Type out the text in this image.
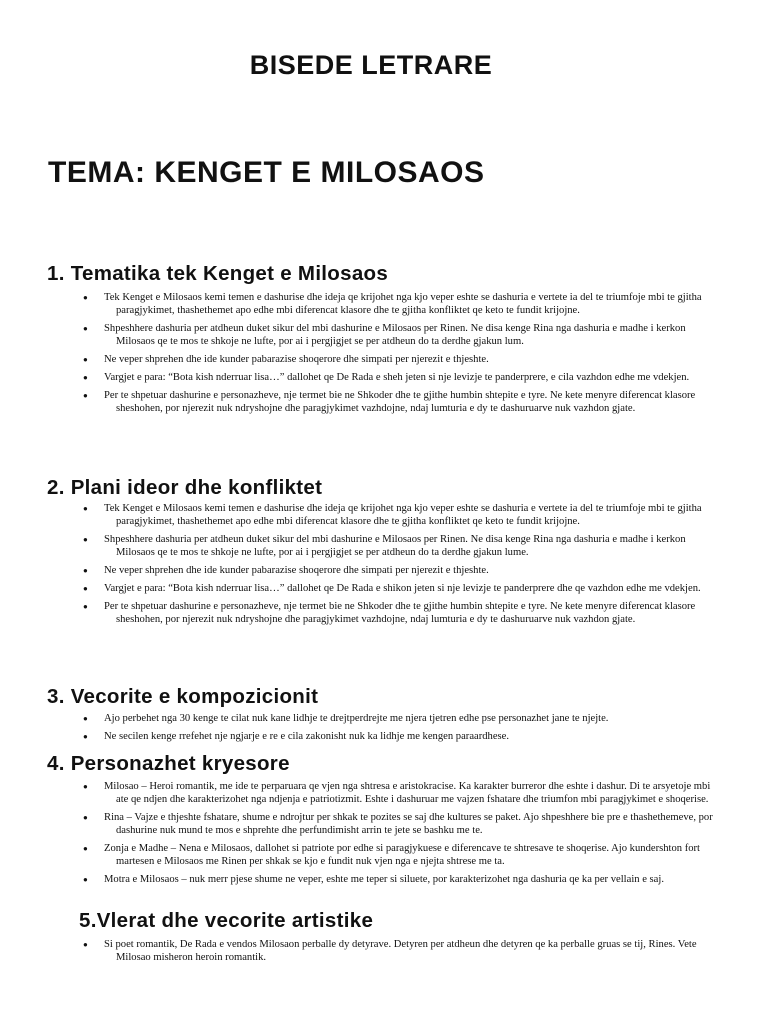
BISEDE LETRARE
TEMA: KENGET E MILOSAOS
1. Tematika tek Kenget e Milosaos
● Tek Kenget e Milosaos kemi temen e dashurise dhe ideja qe krijohet nga kjo veper eshte se dashuria e vertete ia del te triumfoje mbi te gjitha paragjykimet, thashethemet apo edhe mbi diferencat klasore dhe te gjitha konfliktet qe keto te fundit krijojne.
● Shpeshhere dashuria per atdheun duket sikur del mbi dashurine e Milosaos per Rinen. Ne disa kenge Rina nga dashuria e madhe i kerkon Milosaos qe te mos te shkoje ne lufte, por ai i pergjigjet se per atdheun do ta derdhe gjakun lum.
● Ne veper shprehen dhe ide kunder pabarazise shoqerore dhe simpati per njerezit e thjeshte.
● Vargjet e para: “Bota kish nderruar lisa…” dallohet qe De Rada e sheh jeten si nje levizje te panderprere, e cila vazhdon edhe me vdekjen.
● Per te shpetuar dashurine e personazheve, nje termet bie ne Shkoder dhe te gjithe humbin shtepite e tyre. Ne kete menyre diferencat klasore sheshohen, por njerezit nuk ndryshojne dhe paragjykimet vazhdojne, ndaj lumturia e dy te dashuruarve nuk vazhdon gjate.
2. Plani ideor dhe konfliktet
● Tek Kenget e Milosaos kemi temen e dashurise dhe ideja qe krijohet nga kjo veper eshte se dashuria e vertete ia del te triumfoje mbi te gjitha paragjykimet, thashethemet apo edhe mbi diferencat klasore dhe te gjitha konfliktet qe keto te fundit krijojne.
● Shpeshhere dashuria per atdheun duket sikur del mbi dashurine e Milosaos per Rinen. Ne disa kenge Rina nga dashuria e madhe i kerkon Milosaos qe te mos te shkoje ne lufte, por ai i pergjigjet se per atdheun do ta derdhe gjakun lume.
● Ne veper shprehen dhe ide kunder pabarazise shoqerore dhe simpati per njerezit e thjeshte.
● Vargjet e para: “Bota kish nderruar lisa…” dallohet qe De Rada e shikon jeten si nje levizje te panderprere dhe qe vazhdon edhe me vdekjen.
● Per te shpetuar dashurine e personazheve, nje termet bie ne Shkoder dhe te gjithe humbin shtepite e tyre. Ne kete menyre diferencat klasore sheshohen, por njerezit nuk ndryshojne dhe paragjykimet vazhdojne, ndaj lumturia e dy te dashuruarve nuk vazhdon gjate.
3. Vecorite e kompozicionit
● Ajo perbehet nga 30 kenge te cilat nuk kane lidhje te drejtperdrejte me njera tjetren edhe pse personazhet jane te njejte.
● Ne secilen kenge rrefehet nje ngjarje e re e cila zakonisht nuk ka lidhje me kengen paraardhese.
4. Personazhet kryesore
● Milosao – Heroi romantik, me ide te perparuara qe vjen nga shtresa e aristokracise. Ka karakter burreror dhe eshte i dashur. Di te arsyetoje mbi ate qe ndjen dhe karakterizohet nga ndjenja e patriotizmit. Eshte i dashuruar me vajzen fshatare dhe triumfon mbi paragjykimet e shoqerise.
● Rina – Vajze e thjeshte fshatare, shume e ndrojtur per shkak te pozites se saj dhe kultures se paket. Ajo shpeshhere bie pre e thashethemeve, por dashurine nuk mund te mos e shprehte dhe perfundimisht arrin te jete se bashku me te.
● Zonja e Madhe – Nena e Milosaos, dallohet si patriote por edhe si paragjykuese e diferencave te shtresave te shoqerise. Ajo kundershton fort martesen e Milosaos me Rinen per shkak se kjo e fundit nuk vjen nga e njejta shtrese me ta.
● Motra e Milosaos – nuk merr pjese shume ne veper, eshte me teper si siluete, por karakterizohet nga dashuria qe ka per vellain e saj.
5.Vlerat dhe vecorite artistike
● Si poet romantik, De Rada e vendos Milosaon perballe dy detyrave. Detyren per atdheun dhe detyren qe ka perballe gruas se tij, Rines. Vete Milosao misheron heroin romantik.
